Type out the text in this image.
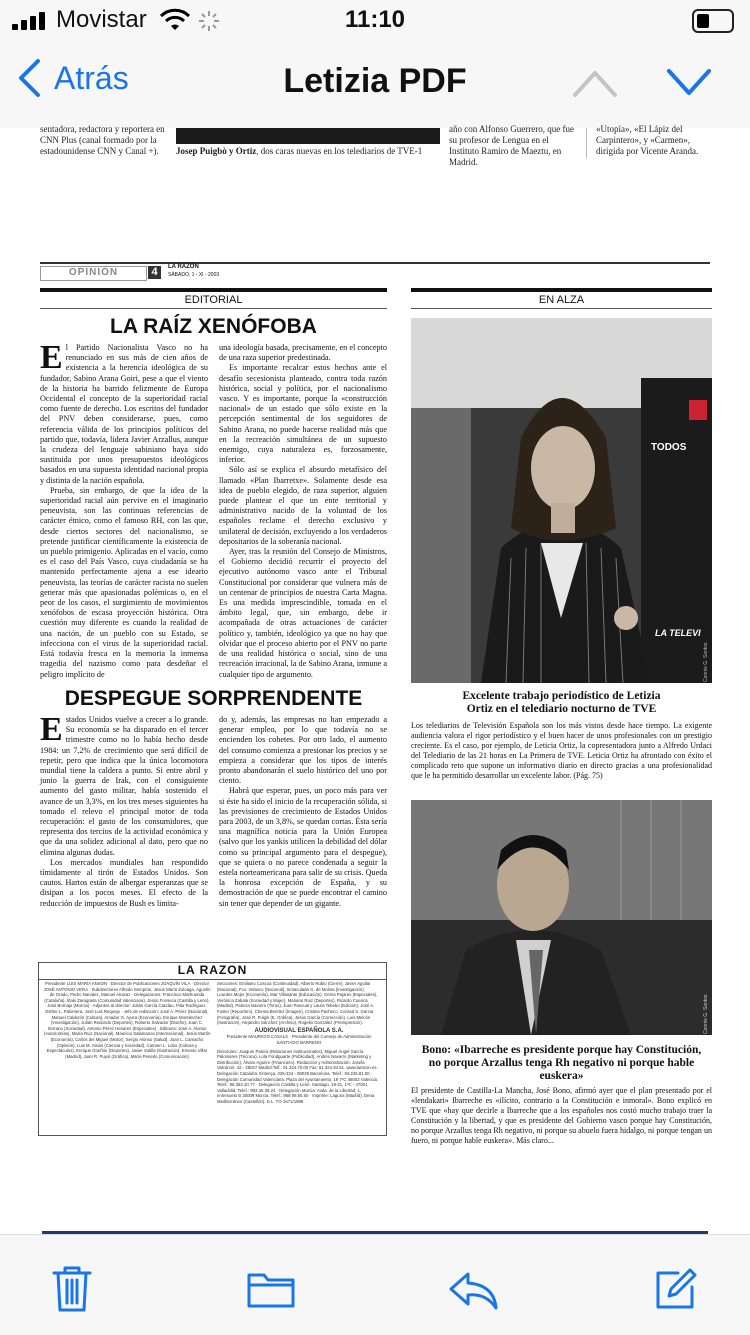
Movistar	11:10
Atrás	Letizia PDF
sentadora, redactora y reportera en CNN Plus (canal formado por la estadounidense CNN y Canal +).	Josep Puigbò y Ortiz, dos caras nuevas en los telediarios de TVE-1
año con Alfonso Guerrero, que fue su profesor de Lengua en el Instituto Ramiro de Maeztu, en Madrid.
«Utopía», «El Lápiz del Carpintero», y «Carmen», dirigida por Vicente Aranda.
OPINIÓN	4	LA RAZÓN
SÁBADO, 1 - XI - 2003
EDITORIAL
LA RAÍZ XENÓFOBA

El Partido Nacionalista Vasco no ha renunciado en sus más de cien años de existencia a la herencia ideológica de su fundador, Sabino Arana Goiri, pese a que el viento de la historia ha barrido felizmente de Europa Occidental el concepto de la superioridad racial como fuente de derecho. Los escritos del fundador del PNV deben considerarse, pues, como referencia válida de los principios políticos del partido que, todavía, lidera Javier Arzallus, aunque la crudeza del lenguaje sabiniano haya sido sustituida por unos presupuestos ideológicos basados en una supuesta identidad nacional propia y distinta de la nación española.

Prueba, sin embargo, de que la idea de la superioridad racial aún pervive en el imaginario peneuvista, son las continuas referencias de carácter étnico, como el famoso RH, con las que, desde ciertos sectores del nacionalismo, se pretende justificar científicamente la existencia de un pueblo primigenio. Aplicadas en el vacío, como es el caso del País Vasco, cuya ciudadanía se ha mantenido perfectamente ajena a ese ideario peneuvista, las teorías de carácter racista no suelen generar más que apasionadas polémicas o, en el peor de los casos, el surgimiento de movimientos xenófobos de escasa proyección histórica. Otra cuestión muy diferente es cuando la realidad de una nación, de un pueblo con su Estado, se infecciona con el virus de la superioridad racial. Está todavía fresca en la memoria la inmensa tragedia del nazismo como para desdeñar el peligro implícito de

una ideología basada, precisamente, en el concepto de una raza superior predestinada.

Es importante recalcar estos hechos ante el desafío secesionista planteado, contra toda razón histórica, social y política, por el nacionalismo vasco. Y es importante, porque la «construcción nacional» de un estado que sólo existe en la percepción sentimental de los seguidores de Sabino Arana, no puede hacerse realidad más que en la recreación simultánea de un supuesto enemigo, cuya naturaleza es, forzosamente, inferior.

Sólo así se explica el absurdo metafísico del llamado «Plan Ibarretxe». Solamente desde esa idea de pueblo elegido, de raza superior, alguien puede plantear el que un ente territorial y administrativo nacido de la voluntad de los españoles reclame el derecho exclusivo y unilateral de decisión, excluyendo a los verdaderos depositarios de la soberanía nacional.

Ayer, tras la reunión del Consejo de Ministros, el Gobierno decidió recurrir el proyecto del ejecutivo autónomo vasco ante el Tribunal Constitucional por considerar que vulnera más de un centenar de principios de nuestra Carta Magna. Es una medida imprescindible, tomada en el ámbito legal, que, sin embargo, debe ir acompañada de otras actuaciones de carácter político y, también, ideológico ya que no hay que olvidar que el proceso abierto por el PNV no parte de una realidad histórica o social, sino de una recreación irracional, la de Sabino Arana, inmune a cualquier tipo de argumento.

DESPEGUE SORPRENDENTE

Estados Unidos vuelve a crecer a lo grande. Su economía se ha disparado en el tercer trimestre como no lo había hecho desde 1984: un 7,2% de crecimiento que será difícil de repetir, pero que indica que la única locomotora mundial tiene la caldera a punto. Si entre abril y junio la guerra de Irak, con el consiguiente aumento del gasto militar, había sostenido el avance de un 3,3%, en los tres meses siguientes ha tomado el relevo el principal motor de toda recuperación: el gasto de los consumidores, que representa dos tercios de la actividad económica y que da una solidez adicional al dato, pero que no elimina algunas dudas.

Los mercados mundiales han respondido tímidamente al tirón de Estados Unidos. Son cautos. Hartos están de albergar esperanzas que se disipan a los pocos meses. El efecto de la reducción de impuestos de Bush es limita-

do y, además, las empresas no han empezado a generar empleo, por lo que todavía no se encienden los cohetes. Por otro lado, el aumento del consumo comienza a presionar los precios y se empieza a considerar que los tipos de interés pronto abandonarán el suelo histórico del uno por ciento.

Habrá que esperar, pues, un poco más para ver si éste ha sido el inicio de la recuperación sólida, si las previsiones de crecimiento de Estados Unidos para 2003, de un 3,8%, se quedan cortas. Ésta sería una magnífica noticia para la Unión Europea (salvo que los yankis utilicen la debilidad del dólar como su principal argumento para el despegue), que se quiera o no parece condenada a seguir la estela norteamericana para salir de su crisis. Queda la honrosa excepción de España, y su demostración de que se puede encontrar el camino sin tener que depender de un gigante.

LA RAZON
Presidente LUIS MARÍA ANSON · Director de Publicaciones JOAQUÍN VILA · Director JOSÉ ANTONIO VERA · Subdirectores Alfredo Semprún, Jesús María Zuloaga, Agustín de Grado, Pedro Narváez, Manuel Alcaraz · Delegaciones: Francisco Marhuenda (Cataluña), Iñaki Zaragüeta (Comunidad Valenciana), Jesús Fonseca (Castilla y León), José Bornajo (Murcia) · Adjuntos al director: Julián García Candau, Pilar Rodríguez, Esther L. Palomera, José Luis Requejo · Jefe de redacción: José A. Pérez (Nacional), Manuel Calderón (Cultura), Amador G. Ayora (Economía), Enrique Montánchez (Investigación), Julián Redondo (Deportes), Roberto Salvador (Diseño), Juan C. Serrano (Sociedad), Antonio Pérez Henares (Especiales) · Editores: José A. Alonso (Autonomías), María Ruiz (Nacional), Mauricio Salamanca (Internacional), Jesús Martín (Economía), Carlos del Miguel (Motor), Sergio Alonso (Salud), Juan L. Camacho (Opinión), Luis M. Alsius (Ciencia y Sociedad), Carmen L. Lobo (Cultura y Espectáculos), Enrique Güeñón (Deportes), Javier Sotilla (Ilustración), Ernesto Villar (Madrid), Juan R. Puyol (Gráfica), María Penedo (Comunicación)
Secciones: Emiliano Coscoa (Continuidad), Alberto Rubio (Cierre), Javier Aguilar (Nacional), Fco. Velasco (Nacional), Inmaculada G. de Molina (Investigación), Lourdes Mojer (Economía), Mar Villasante (Educación), Gema Pajares (Especiales), Verónica Zabala (Sociedad y Mujer), Mariano Ruiz (Deportes), Ricardo Cuenca (Madrid), Patricia Navarro (Toros), Juan Pascual y Laura Tebebo (Edición), José A. Foster (Reportero), Chema Benítez (Imagen), Cristina Pacheco, Conrad S. Garcia (Fotografía), José R. Fulgin (E. Gráfica), Jesús García (Corrección), Luis Melcón (Ilustración), Alejandro Sánchez (Archivo), Rogelio González (Preimpresión).
AUDIOVISUAL ESPAÑOLA S.A.
Presidente MAURICIO CASALS · Presidente del Consejo de Administración SANTIAGO BARRENO
Directores: Joaquín Parera (Relaciones Institucionales), Miguel Ángel García Palomares (Técnica), Lola Fondguarte (Publicidad), Andrés Navarro (Marketing y Distribución), Álvaro Aguirre (Financiero). Redacción y Administración: Josefa Valcárcel, 42 - 28027 Madrid.Telf.: 91.324.70.00 Fax: 91.324.94.51. www.larazon.es · Delegación Cataluña: Entença, 325-334 - 08029 Barcelona. Telef.: 93.226.81.00 · Delegación Comunidad Valenciana: Plaza del Ayuntamiento, 19 7ºC 46002 Valencia. Telef.: 96.353.40.77 · Delegación Castilla y León: Santiago, 19-21, 1ºC - 47001 Valladolid. Telef.: 983.35.38.24 · Delegación Murcia: Avda. de la Libertad, 1, entresuelo B 30009 Murcia. Telef.: 968.98.65.60 · Imprime: Laguna (Madrid), Dena Mediterráneo (Castellón). D.L. TO-1671/1998
EN ALZA
TODOS
LA TELEVI
Connie G. Santos
Excelente trabajo periodístico de Letizia Ortiz en el telediario nocturno de TVE
Los telediarios de Televisión Española son los más vistos desde hace tiempo. La exigente audiencia valora el rigor periodístico y el buen hacer de unos profesionales con un prestigio creciente. Es el caso, por ejemplo, de Leticia Ortiz, la copresentadora junto a Alfredo Urdaci del Telediario de las 21 horas en La Primera de TVE. Leticia Ortiz ha afrontado con éxito el complicado reto que supone un informativo diario en directo gracias a una profesionalidad que le ha permitido desarrollar un excelente labor. (Pág. 75)
Connie G. Santos
Bono: «Ibarreche es presidente porque hay Constitución, no porque Arzallus tenga Rh negativo ni porque hable euskera»
El presidente de Castilla-La Mancha, José Bono, afirmó ayer que el plan presentado por el «lendakari» Ibarreche es «ilícito, contrario a la Constitución e inmoral». Bono explicó en TVE que «hay que decirle a Ibarreche que a los españoles nos costó mucho trabajo traer la Constitución y la libertad, y que es presidente del Gobierno vasco porque hay Constitución, no porque Arzallus tenga Rh negativo, ni porque su abuelo fuera hidalgo, ni porque tengan un fuero, ni porque hable euskera». Más claro...
